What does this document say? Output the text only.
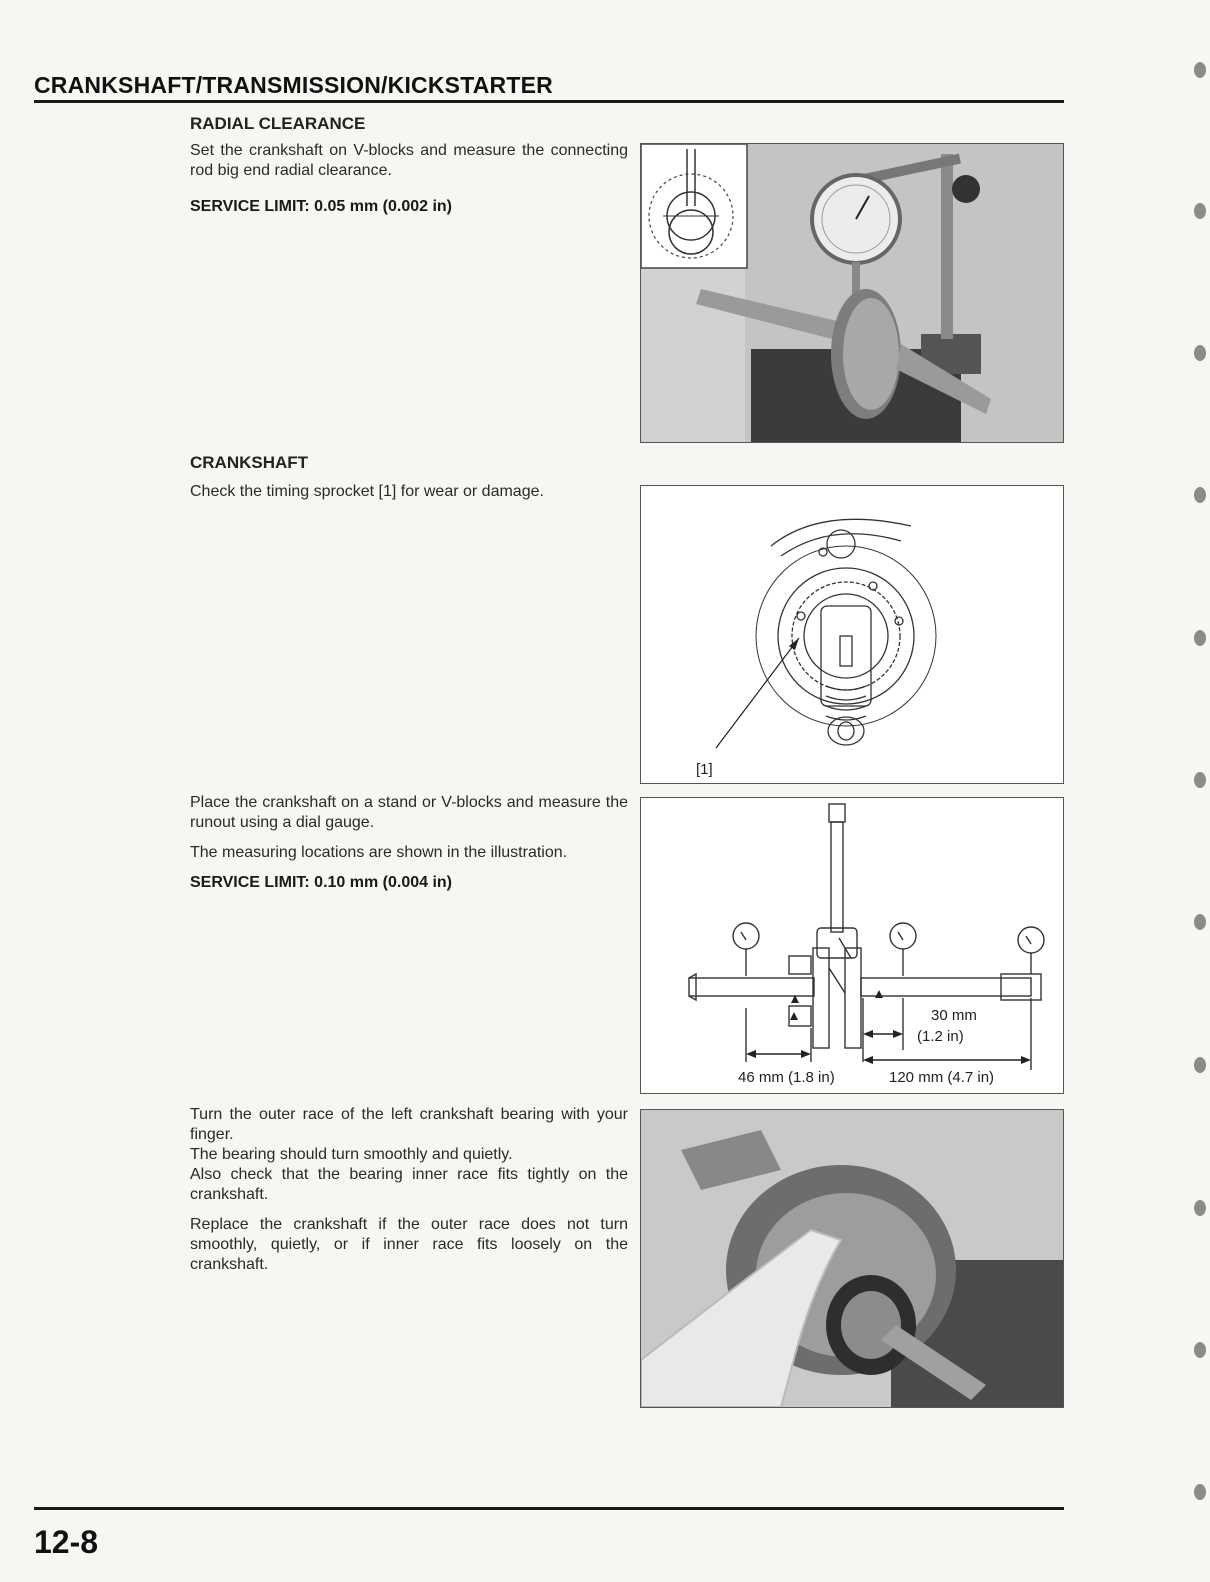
CRANKSHAFT/TRANSMISSION/KICKSTARTER
RADIAL CLEARANCE
Set the crankshaft on V-blocks and measure the connecting rod big end radial clearance.
SERVICE LIMIT: 0.05 mm (0.002 in)
CRANKSHAFT
Check the timing sprocket [1] for wear or damage.
[1]
Place the crankshaft on a stand or V-blocks and measure the runout using a dial gauge.
The measuring locations are shown in the illustration.
SERVICE LIMIT: 0.10 mm (0.004 in)
30 mm
(1.2 in)
46 mm (1.8 in)	120 mm (4.7 in)
Turn the outer race of the left crankshaft bearing with your finger.
The bearing should turn smoothly and quietly.
Also check that the bearing inner race fits tightly on the crankshaft.
Replace the crankshaft if the outer race does not turn smoothly, quietly, or if inner race fits loosely on the crankshaft.
12-8
